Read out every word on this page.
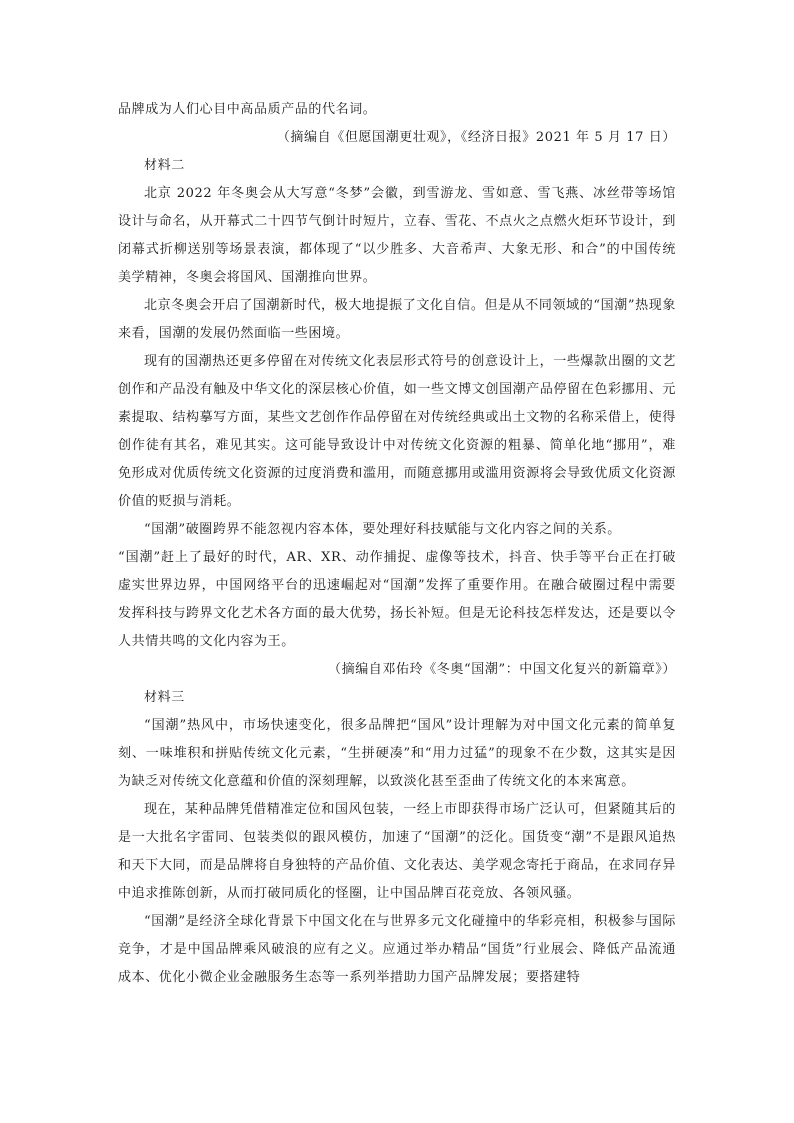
品牌成为人们心目中高品质产品的代名词。
（摘编自《但愿国潮更壮观》，《经济日报》2021 年 5 月 17 日）
材料二

北京 2022 年冬奥会从大写意“冬梦”会徽，到雪游龙、雪如意、雪飞燕、冰丝带等场馆设计与命名，从开幕式二十四节气倒计时短片，立春、雪花、不点火之点燃火炬环节设计，到闭幕式折柳送别等场景表演，都体现了“以少胜多、大音希声、大象无形、和合”的中国传统美学精神，冬奥会将国风、国潮推向世界。

北京冬奥会开启了国潮新时代，极大地提振了文化自信。但是从不同领域的“国潮”热现象来看，国潮的发展仍然面临一些困境。

现有的国潮热还更多停留在对传统文化表层形式符号的创意设计上，一些爆款出圈的文艺创作和产品没有触及中华文化的深层核心价值，如一些文博文创国潮产品停留在色彩挪用、元素提取、结构摹写方面，某些文艺创作作品停留在对传统经典或出土文物的名称采借上，使得创作徒有其名，难见其实。这可能导致设计中对传统文化资源的粗暴、简单化地“挪用”，难免形成对优质传统文化资源的过度消费和滥用，而随意挪用或滥用资源将会导致优质文化资源价值的贬损与消耗。

“国潮”破圈跨界不能忽视内容本体，要处理好科技赋能与文化内容之间的关系。

“国潮”赶上了最好的时代，AR、XR、动作捕捉、虚像等技术，抖音、快手等平台正在打破虚实世界边界，中国网络平台的迅速崛起对“国潮”发挥了重要作用。在融合破圈过程中需要发挥科技与跨界文化艺术各方面的最大优势，扬长补短。但是无论科技怎样发达，还是要以令人共情共鸣的文化内容为王。

（摘编自邓佑玲《冬奥“国潮”：中国文化复兴的新篇章》）
材料三

“国潮”热风中，市场快速变化，很多品牌把“国风”设计理解为对中国文化元素的简单复刻、一味堆积和拼贴传统文化元素，“生拼硬凑”和“用力过猛”的现象不在少数，这其实是因为缺乏对传统文化意蕴和价值的深刻理解，以致淡化甚至歪曲了传统文化的本来寓意。

现在，某种品牌凭借精准定位和国风包装，一经上市即获得市场广泛认可，但紧随其后的是一大批名字雷同、包装类似的跟风模仿，加速了“国潮”的泛化。国货变“潮”不是跟风追热和天下大同，而是品牌将自身独特的产品价值、文化表达、美学观念寄托于商品，在求同存异中追求推陈创新，从而打破同质化的怪圈，让中国品牌百花竞放、各领风骚。

“国潮”是经济全球化背景下中国文化在与世界多元文化碰撞中的华彩亮相，积极参与国际竞争，才是中国品牌乘风破浪的应有之义。应通过举办精品“国货”行业展会、降低产品流通成本、优化小微企业金融服务生态等一系列举措助力国产品牌发展；要搭建特
